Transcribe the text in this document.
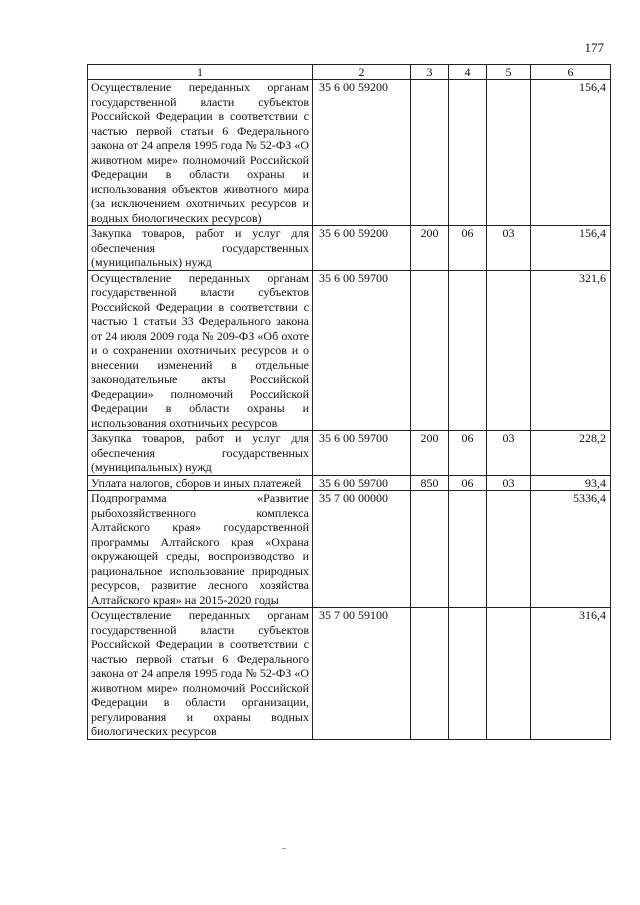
177
1	2	3	4	5	6
Осуществление переданных органам государственной власти субъектов Российской Федерации в соответствии с частью первой статьи 6 Федерального закона от 24 апреля 1995 года № 52-ФЗ «О животном мире» полномочий Российской Федерации в области охраны и использования объектов животного мира (за исключением охотничьих ресурсов и водных биологических ресурсов)	35 6 00 59200				156,4
Закупка товаров, работ и услуг для обеспечения государственных (муниципальных) нужд	35 6 00 59200	200	06	03	156,4
Осуществление переданных органам государственной власти субъектов Российской Федерации в соответствии с частью 1 статьи 33 Федерального закона от 24 июля 2009 года № 209-ФЗ «Об охоте и о сохранении охотничьих ресурсов и о внесении изменений в отдельные законодательные акты Российской Федерации» полномочий Российской Федерации в области охраны и использования охотничьих ресурсов	35 6 00 59700				321,6
Закупка товаров, работ и услуг для обеспечения государственных (муниципальных) нужд	35 6 00 59700	200	06	03	228,2
Уплата налогов, сборов и иных платежей	35 6 00 59700	850	06	03	93,4
Подпрограмма «Развитие рыбохозяйственного комплекса Алтайского края» государственной программы Алтайского края «Охрана окружающей среды, воспроизводство и рациональное использование природных ресурсов, развитие лесного хозяйства Алтайского края» на 2015-2020 годы	35 7 00 00000				5336,4
Осуществление переданных органам государственной власти субъектов Российской Федерации в соответствии с частью первой статьи 6 Федерального закона от 24 апреля 1995 года № 52-ФЗ «О животном мире» полномочий Российской Федерации в области организации, регулирования и охраны водных биологических ресурсов	35 7 00 59100				316,4
